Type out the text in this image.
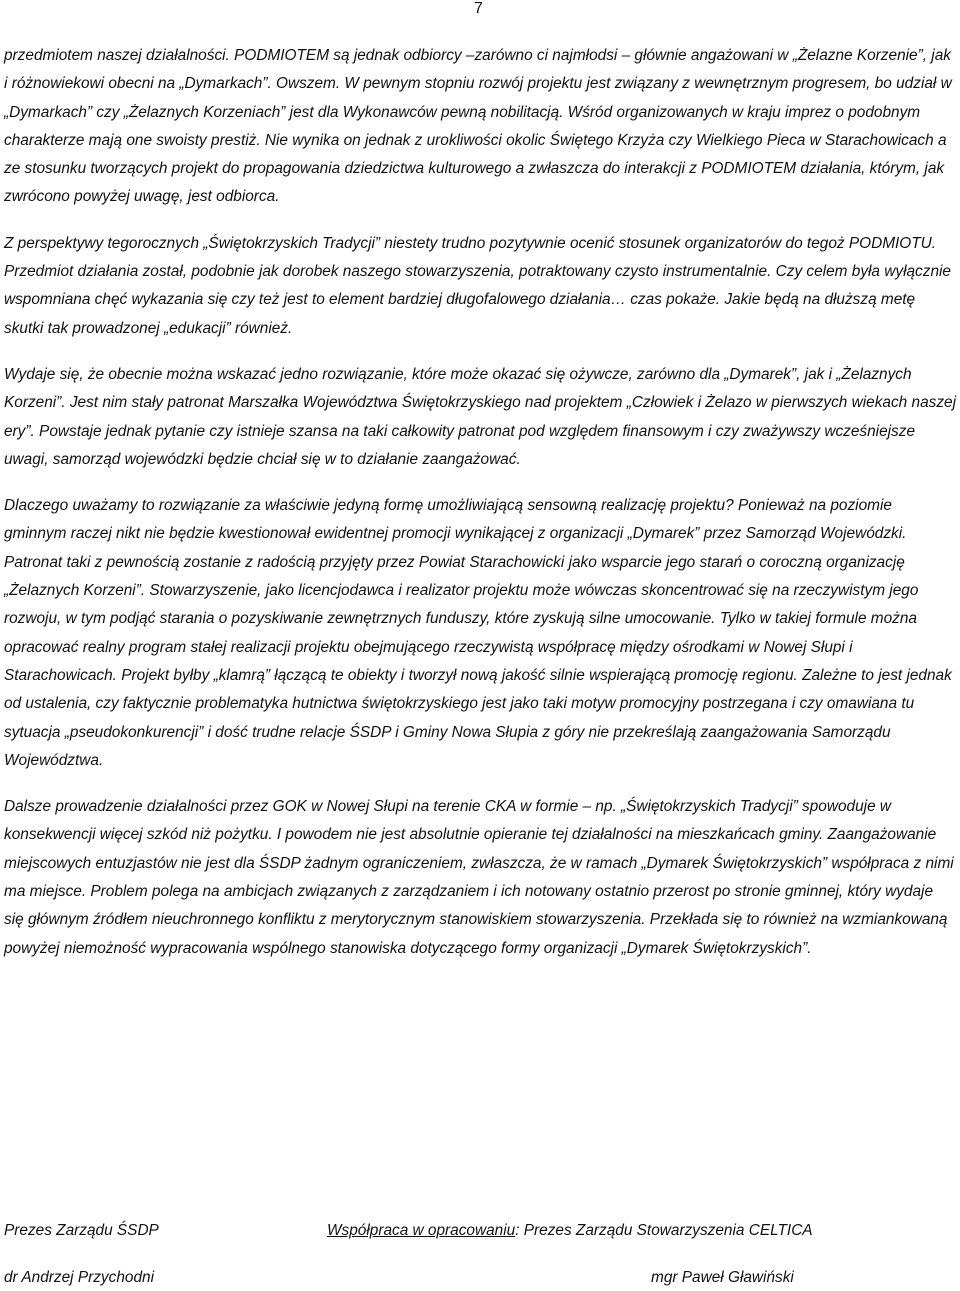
7

przedmiotem naszej działalności. PODMIOTEM są jednak odbiorcy –zarówno ci najmłodsi – głównie angażowani w „Żelazne Korzenie”, jak i różnowiekowi obecni na „Dymarkach”. Owszem. W pewnym stopniu rozwój projektu jest związany z wewnętrznym progresem, bo udział w „Dymarkach” czy „Żelaznych Korzeniach” jest dla Wykonawców pewną nobilitacją. Wśród organizowanych w kraju imprez o podobnym charakterze mają one swoisty prestiż. Nie wynika on jednak z urokliwości okolic Świętego Krzyża czy Wielkiego Pieca w Starachowicach a ze stosunku tworzących projekt do propagowania dziedzictwa kulturowego a zwłaszcza do interakcji z PODMIOTEM działania, którym, jak zwrócono powyżej uwagę, jest odbiorca.

Z perspektywy tegorocznych „Świętokrzyskich Tradycji” niestety trudno pozytywnie ocenić stosunek organizatorów do tegoż PODMIOTU. Przedmiot działania został, podobnie jak dorobek naszego stowarzyszenia, potraktowany czysto instrumentalnie. Czy celem była wyłącznie wspomniana chęć wykazania się czy też jest to element bardziej długofalowego działania… czas pokaże. Jakie będą na dłuższą metę skutki tak prowadzonej „edukacji” również.

Wydaje się, że obecnie można wskazać jedno rozwiązanie, które może okazać się ożywcze, zarówno dla „Dymarek”, jak i „Żelaznych Korzeni”. Jest nim stały patronat Marszałka Województwa Świętokrzyskiego nad projektem „Człowiek i Żelazo w pierwszych wiekach naszej ery”. Powstaje jednak pytanie czy istnieje szansa na taki całkowity patronat pod względem finansowym i czy zważywszy wcześniejsze uwagi, samorząd wojewódzki będzie chciał się w to działanie zaangażować.

Dlaczego uważamy to rozwiązanie za właściwie jedyną formę umożliwiającą sensowną realizację projektu? Ponieważ na poziomie gminnym raczej nikt nie będzie kwestionował ewidentnej promocji wynikającej z organizacji „Dymarek” przez Samorząd Wojewódzki. Patronat taki z pewnością zostanie z radością przyjęty przez Powiat Starachowicki jako wsparcie jego starań o coroczną organizację „Żelaznych Korzeni”. Stowarzyszenie, jako licencjodawca i realizator projektu może wówczas skoncentrować się na rzeczywistym jego rozwoju, w tym podjąć starania o pozyskiwanie zewnętrznych funduszy, które zyskują silne umocowanie. Tylko w takiej formule można opracować realny program stałej realizacji projektu obejmującego rzeczywistą współpracę między ośrodkami w Nowej Słupi i Starachowicach. Projekt byłby „klamrą” łączącą te obiekty i tworzył nową jakość silnie wspierającą promocję regionu. Zależne to jest jednak od ustalenia, czy faktycznie problematyka hutnictwa świętokrzyskiego jest jako taki motyw promocyjny postrzegana i czy omawiana tu sytuacja „pseudokonkurencji” i dość trudne relacje ŚSDP i Gminy Nowa Słupia z góry nie przekreślają zaangażowania Samorządu Województwa.

Dalsze prowadzenie działalności przez GOK w Nowej Słupi na terenie CKA w formie – np. „Świętokrzyskich Tradycji” spowoduje w konsekwencji więcej szkód niż pożytku. I powodem nie jest absolutnie opieranie tej działalności na mieszkańcach gminy. Zaangażowanie miejscowych entuzjastów nie jest dla ŚSDP żadnym ograniczeniem, zwłaszcza, że w ramach „Dymarek Świętokrzyskich” współpraca z nimi ma miejsce. Problem polega na ambicjach związanych z zarządzaniem i ich notowany ostatnio przerost po stronie gminnej, który wydaje się głównym źródłem nieuchronnego konfliktu z merytorycznym stanowiskiem stowarzyszenia. Przekłada się to również na wzmiankowaną powyżej niemożność wypracowania wspólnego stanowiska dotyczącego formy organizacji „Dymarek Świętokrzyskich”.

Prezes Zarządu ŚSDP	Współpraca w opracowaniu: Prezes Zarządu Stowarzyszenia CELTICA
dr Andrzej Przychodni	mgr Paweł Gławiński
